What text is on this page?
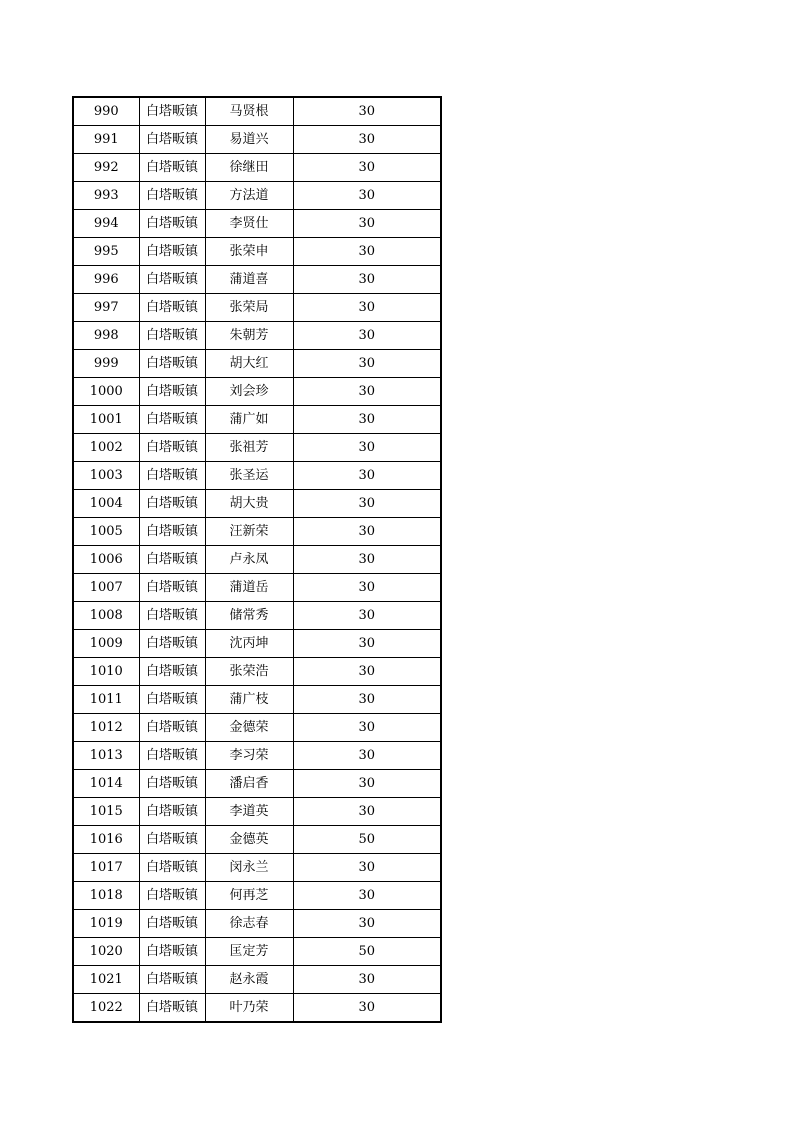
990	白塔畈镇	马贤根	30
991	白塔畈镇	易道兴	30
992	白塔畈镇	徐继田	30
993	白塔畈镇	方法道	30
994	白塔畈镇	李贤仕	30
995	白塔畈镇	张荣申	30
996	白塔畈镇	蒲道喜	30
997	白塔畈镇	张荣局	30
998	白塔畈镇	朱朝芳	30
999	白塔畈镇	胡大红	30
1000	白塔畈镇	刘会珍	30
1001	白塔畈镇	蒲广如	30
1002	白塔畈镇	张祖芳	30
1003	白塔畈镇	张圣运	30
1004	白塔畈镇	胡大贵	30
1005	白塔畈镇	汪新荣	30
1006	白塔畈镇	卢永凤	30
1007	白塔畈镇	蒲道岳	30
1008	白塔畈镇	储常秀	30
1009	白塔畈镇	沈丙坤	30
1010	白塔畈镇	张荣浩	30
1011	白塔畈镇	蒲广枝	30
1012	白塔畈镇	金德荣	30
1013	白塔畈镇	李习荣	30
1014	白塔畈镇	潘启香	30
1015	白塔畈镇	李道英	30
1016	白塔畈镇	金德英	50
1017	白塔畈镇	闵永兰	30
1018	白塔畈镇	何再芝	30
1019	白塔畈镇	徐志春	30
1020	白塔畈镇	匡定芳	50
1021	白塔畈镇	赵永霞	30
1022	白塔畈镇	叶乃荣	30
